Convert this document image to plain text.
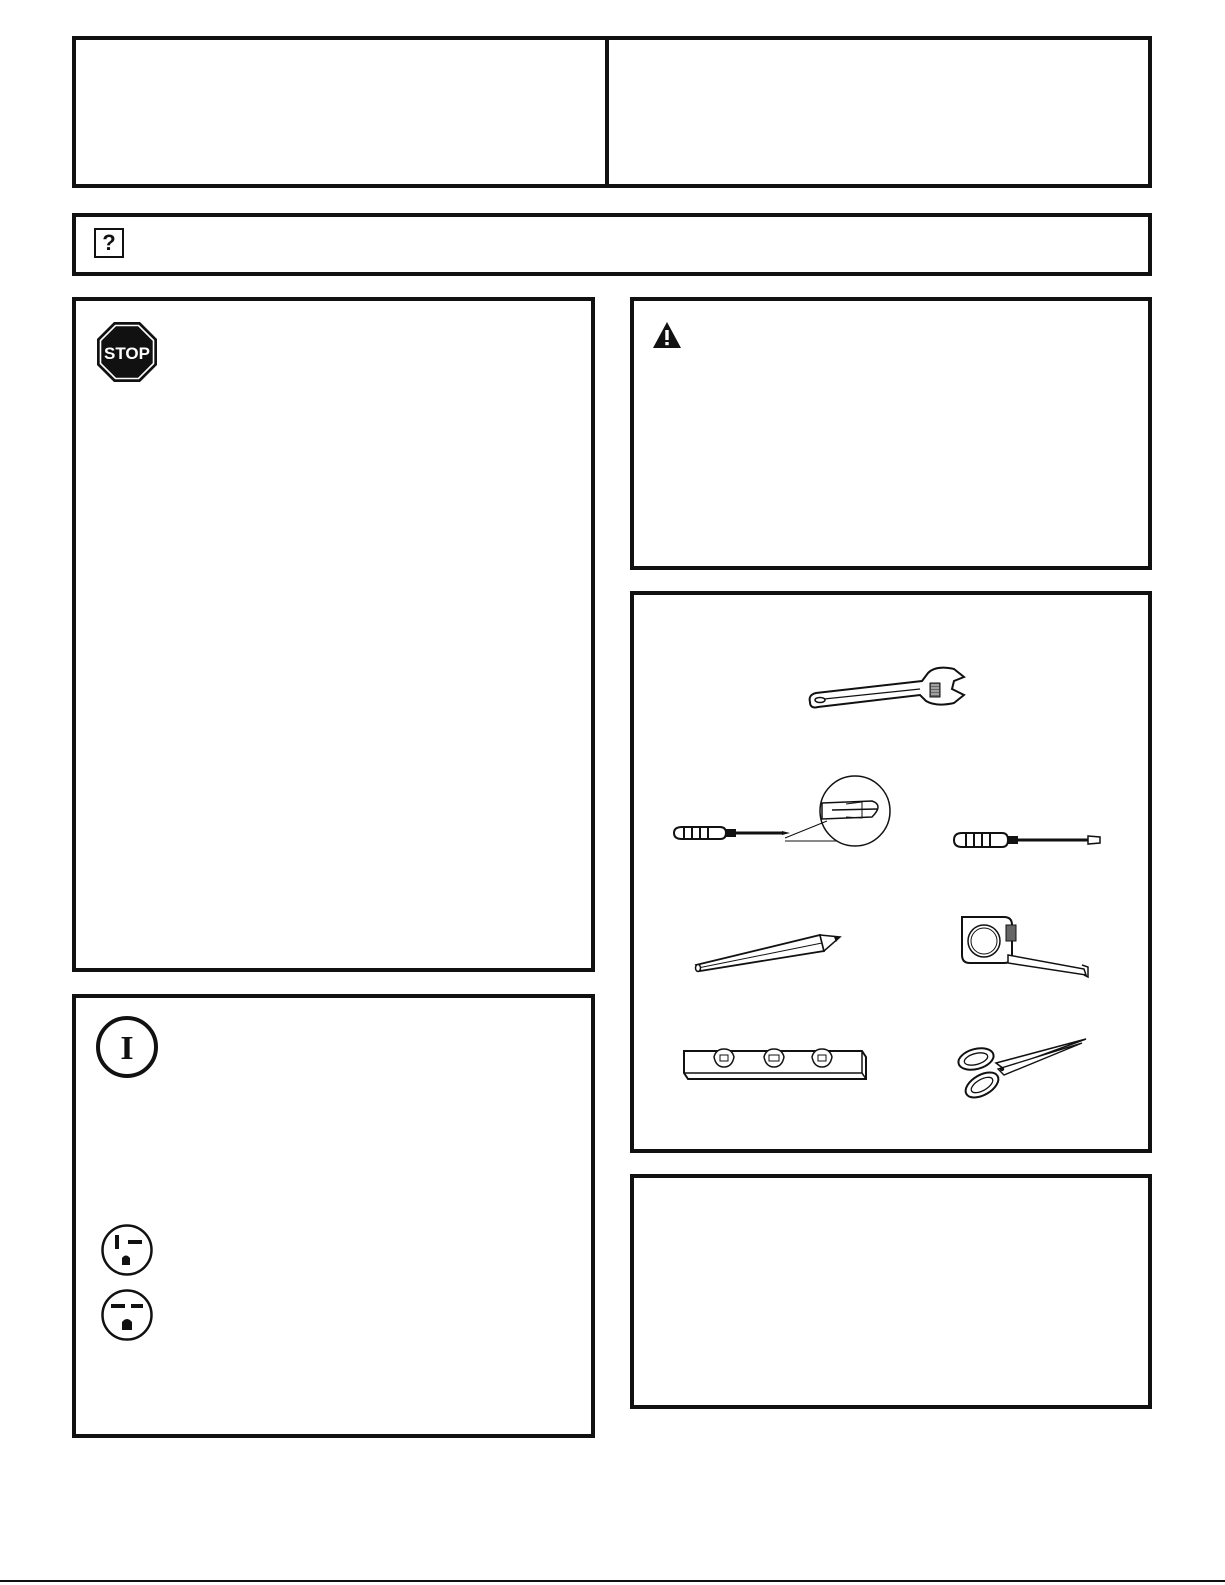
?
STOP
I
